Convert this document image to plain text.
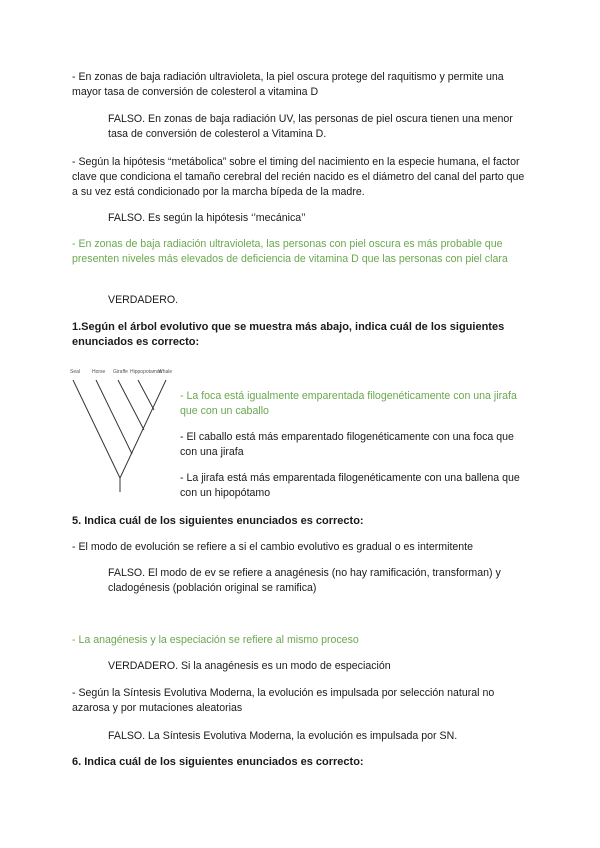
- En zonas de baja radiación ultravioleta, la piel oscura protege del raquitismo y permite una mayor tasa de conversión de colesterol a vitamina D

FALSO. En zonas de baja radiación UV, las personas de piel oscura tienen una menor tasa de conversión de colesterol a Vitamina D.

- Según la hipótesis “metábolica” sobre el timing del nacimiento en la especie humana, el factor clave que condiciona el tamaño cerebral del recién nacido es el diámetro del canal del parto que a su vez está condicionado por la marcha bípeda de la madre.

FALSO. Es según la hipótesis ‘’mecánica’’

- En zonas de baja radiación ultravioleta, las personas con piel oscura es más probable que presenten niveles más elevados de deficiencia de vitamina D que las personas con piel clara

VERDADERO.

1.Según el árbol evolutivo que se muestra más abajo, indica cuál de los siguientes enunciados es correcto:

Seal Horse Giraffe Hippopotamus
Whale

- La foca está igualmente emparentada filogenéticamente con una jirafa que con un caballo

- El caballo está más emparentado filogenéticamente con una foca que con una jirafa

- La jirafa está más emparentada filogenéticamente con una ballena que con un hipopótamo

5. Indica cuál de los siguientes enunciados es correcto:

- El modo de evolución se refiere a si el cambio evolutivo es gradual o es intermitente

FALSO. El modo de ev se refiere a anagénesis (no hay ramificación, transforman) y cladogénesis (población original se ramifica)

- La anagénesis y la especiación se refiere al mismo proceso

VERDADERO. Si la anagénesis es un modo de especiación

- Según la Síntesis Evolutiva Moderna, la evolución es impulsada por selección natural no azarosa y por mutaciones aleatorias

FALSO. La Síntesis Evolutiva Moderna, la evolución es impulsada por SN.

6. Indica cuál de los siguientes enunciados es correcto:
